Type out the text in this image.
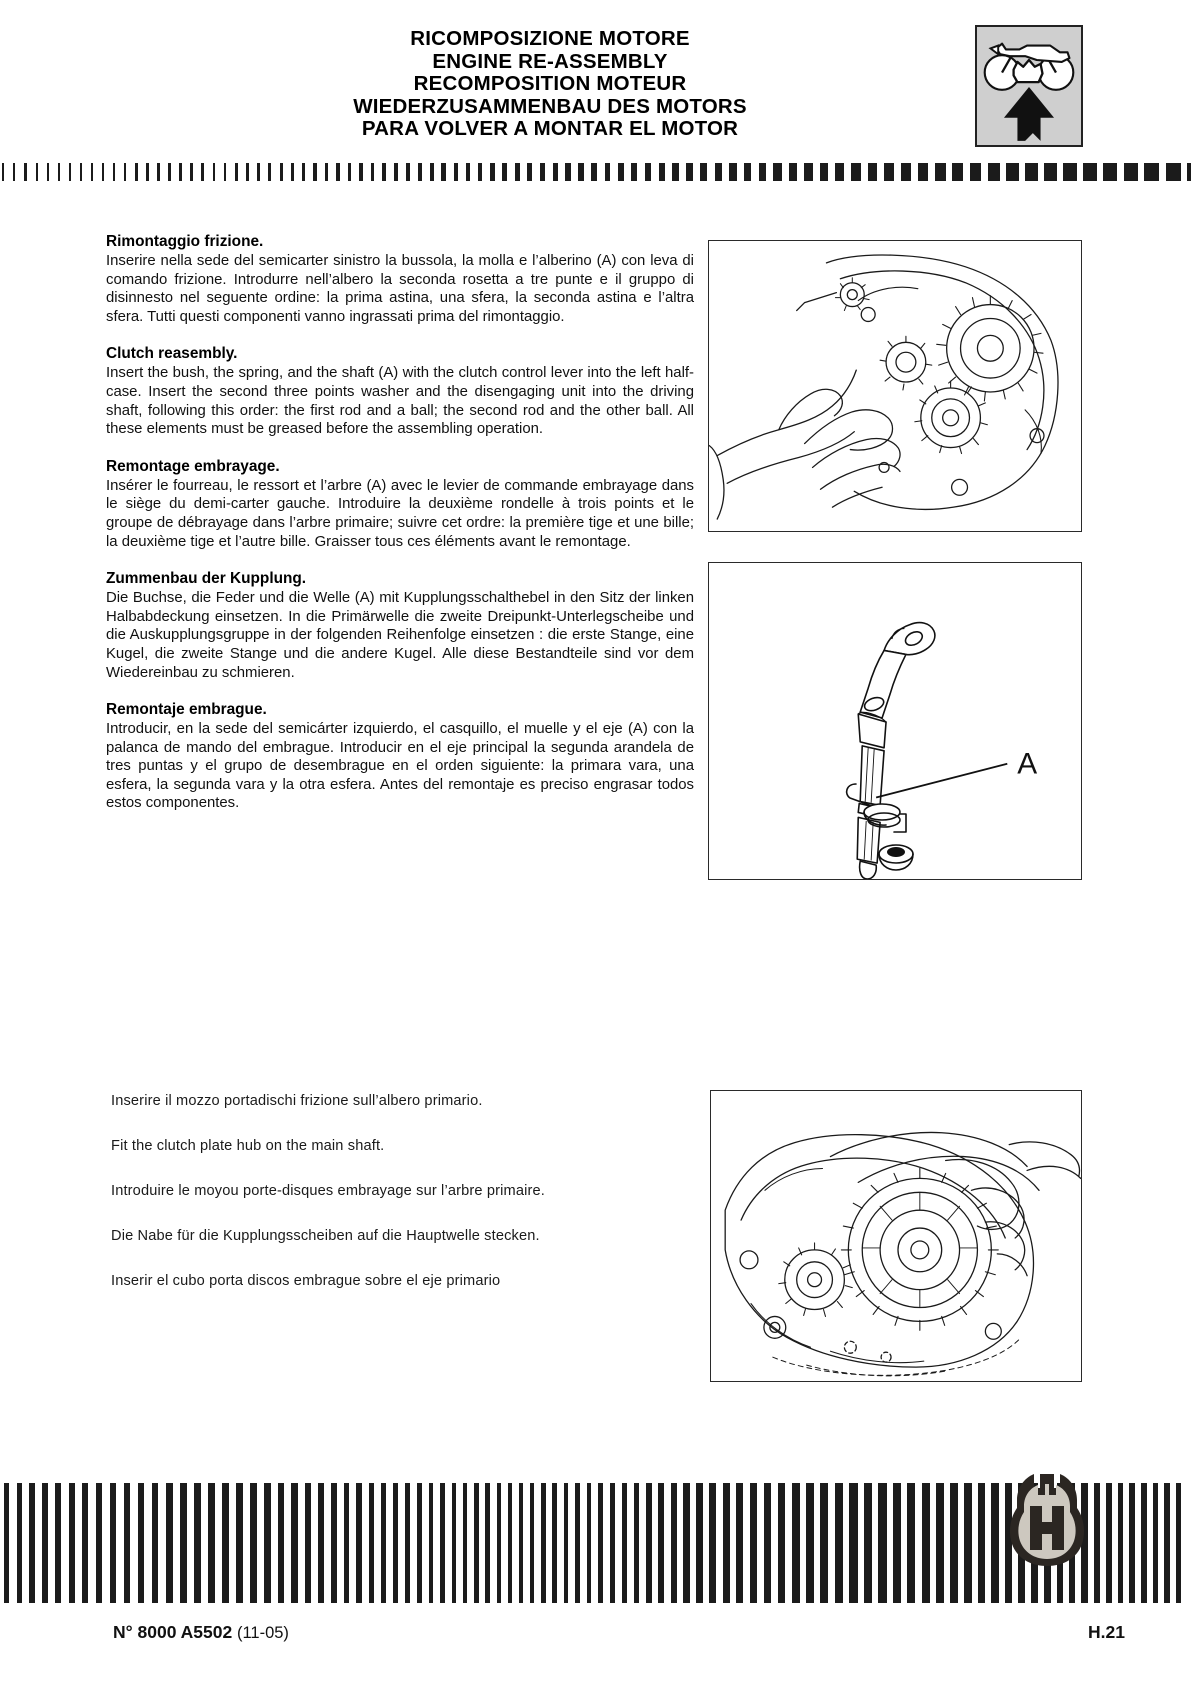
RICOMPOSIZIONE MOTORE
ENGINE RE-ASSEMBLY
RECOMPOSITION MOTEUR
WIEDERZUSAMMENBAU DES MOTORS
PARA VOLVER A MONTAR EL MOTOR
Rimontaggio frizione.
Inserire nella sede del semicarter sinistro la bussola, la molla e l’alberino (A) con leva di comando frizione. Introdurre nell’albero la seconda rosetta a tre punte e il gruppo di disinnesto nel seguente ordine: la prima astina, una sfera, la seconda astina e l’altra sfera. Tutti questi componenti vanno ingrassati prima del rimontaggio.
Clutch reasembly.
Insert the bush, the spring, and the shaft (A) with the clutch control lever into the left half-case. Insert the second three points washer and the disengaging unit into the driving shaft, following this order: the first rod and a ball; the second rod and the other ball. All these elements must be greased before the assembling operation.
Remontage embrayage.
Insérer le fourreau, le ressort et l’arbre (A) avec le levier de commande embrayage dans le siège du demi-carter gauche. Introduire la deuxième rondelle à trois points et le groupe de débrayage dans l’arbre primaire; suivre cet ordre: la première tige et une bille; la deuxième tige et l’autre bille. Graisser tous ces éléments avant le remontage.
Zummenbau der Kupplung.
Die Buchse, die Feder und die Welle (A) mit Kupplungsschalthebel in den Sitz der linken Halbabdeckung einsetzen. In die Primärwelle die zweite Dreipunkt-Unterlegscheibe und die Auskupplungsgruppe in der folgenden Reihenfolge einsetzen : die erste Stange, eine Kugel, die zweite Stange und die andere Kugel. Alle diese Bestandteile sind vor dem Wiedereinbau zu schmieren.
Remontaje embrague.
Introducir, en la sede del semicárter izquierdo, el casquillo, el muelle y el eje (A) con la palanca de mando del embrague. Introducir en el eje principal la segunda arandela de tres puntas y el grupo de desembrague en el orden siguiente: la primara vara, una esfera, la segunda vara y la otra esfera. Antes del remontaje es preciso engrasar todos estos componentes.
A
Inserire il mozzo portadischi frizione sull’albero primario.
Fit the clutch plate hub on the main shaft.
Introduire le moyou porte-disques embrayage sur l’arbre primaire.
Die Nabe für die Kupplungsscheiben auf die Hauptwelle stecken.
Inserir el cubo porta discos embrague sobre el eje primario
N° 8000 A5502 (11-05)	H.21
